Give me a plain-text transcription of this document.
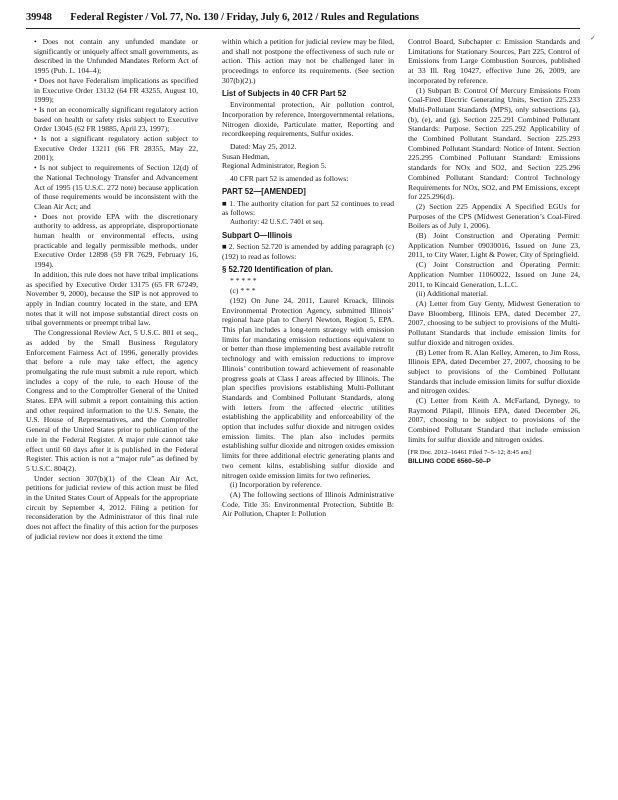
39948 Federal Register / Vol. 77, No. 130 / Friday, July 6, 2012 / Rules and Regulations
✓

• Does not contain any unfunded mandate or significantly or uniquely affect small governments, as described in the Unfunded Mandates Reform Act of 1995 (Pub. L. 104–4);

• Does not have Federalism implications as specified in Executive Order 13132 (64 FR 43255, August 10, 1999);

• Is not an economically significant regulatory action based on health or safety risks subject to Executive Order 13045 (62 FR 19885, April 23, 1997);

• Is not a significant regulatory action subject to Executive Order 13211 (66 FR 28355, May 22, 2001);

• Is not subject to requirements of Section 12(d) of the National Technology Transfer and Advancement Act of 1995 (15 U.S.C. 272 note) because application of those requirements would be inconsistent with the Clean Air Act; and

• Does not provide EPA with the discretionary authority to address, as appropriate, disproportionate human health or environmental effects, using practicable and legally permissible methods, under Executive Order 12898 (59 FR 7629, February 16, 1994).

In addition, this rule does not have tribal implications as specified by Executive Order 13175 (65 FR 67249, November 9, 2000), because the SIP is not approved to apply in Indian country located in the state, and EPA notes that it will not impose substantial direct costs on tribal governments or preempt tribal law.

The Congressional Review Act, 5 U.S.C. 801 et seq., as added by the Small Business Regulatory Enforcement Fairness Act of 1996, generally provides that before a rule may take effect, the agency promulgating the rule must submit a rule report, which includes a copy of the rule, to each House of the Congress and to the Comptroller General of the United States. EPA will submit a report containing this action and other required information to the U.S. Senate, the U.S. House of Representatives, and the Comptroller General of the United States prior to publication of the rule in the Federal Register. A major rule cannot take effect until 60 days after it is published in the Federal Register. This action is not a “major rule” as defined by 5 U.S.C. 804(2).

Under section 307(b)(1) of the Clean Air Act, petitions for judicial review of this action must be filed in the United States Court of Appeals for the appropriate circuit by September 4, 2012. Filing a petition for reconsideration by the Administrator of this final rule does not affect the finality of this action for the purposes of judicial review nor does it extend the time

within which a petition for judicial review may be filed, and shall not postpone the effectiveness of such rule or action. This action may not be challenged later in proceedings to enforce its requirements. (See section 307(b)(2).)

List of Subjects in 40 CFR Part 52

Environmental protection, Air pollution control, Incorporation by reference, Intergovernmental relations, Nitrogen dioxide, Particulate matter, Reporting and recordkeeping requirements, Sulfur oxides.

Dated: May 25, 2012.

Susan Hedman,

Regional Administrator, Region 5.

40 CFR part 52 is amended as follows:

PART 52—[AMENDED]

■ 1. The authority citation for part 52 continues to read as follows:

Authority: 42 U.S.C. 7401 et seq.

Subpart O—Illinois

■ 2. Section 52.720 is amended by adding paragraph (c)(192) to read as follows:

§ 52.720 Identification of plan.

* * * * *

(c) * * *

(192) On June 24, 2011, Laurel Kroack, Illinois Environmental Protection Agency, submitted Illinois’ regional haze plan to Cheryl Newton, Region 5, EPA. This plan includes a long-term strategy with emission limits for mandating emission reductions equivalent to or better than those implementing best available retrofit technology and with emission reductions to improve Illinois’ contribution toward achievement of reasonable progress goals at Class I areas affected by Illinois. The plan specifies provisions establishing Multi-Pollutant Standards and Combined Pollutant Standards, along with letters from the affected electric utilities establishing the applicability and enforceability of the option that includes sulfur dioxide and nitrogen oxides emission limits. The plan also includes permits establishing sulfur dioxide and nitrogen oxides emission limits for three additional electric generating plants and two cement kilns, establishing sulfur dioxide and nitrogen oxide emission limits for two refineries.

(i) Incorporation by reference.

(A) The following sections of Illinois Administrative Code, Title 35: Environmental Protection, Subtitle B: Air Pollution, Chapter I: Pollution

Control Board, Subchapter c: Emission Standards and Limitations for Stationary Sources, Part 225, Control of Emissions from Large Combustion Sources, published at 33 Ill. Reg 10427, effective June 26, 2009, are incorporated by reference.

(1) Subpart B: Control Of Mercury Emissions From Coal-Fired Electric Generating Units, Section 225.233 Multi-Pollutant Standards (MPS), only subsections (a), (b), (e), and (g). Section 225.291 Combined Pollutant Standards: Purpose. Section 225.292 Applicability of the Combined Pollutant Standard. Section 225.293 Combined Pollutant Standard: Notice of Intent. Section 225.295 Combined Pollutant Standard: Emissions standards for NOx and SO2, and Section 225.296 Combined Pollutant Standard: Control Technology Requirements for NOx, SO2, and PM Emissions, except for 225.296(d).

(2) Section 225 Appendix A Specified EGUs for Purposes of the CPS (Midwest Generation’s Coal-Fired Boilers as of July 1, 2006).

(B) Joint Construction and Operating Permit: Application Number 09030016, Issued on June 23, 2011, to City Water, Light & Power, City of Springfield.

(C) Joint Construction and Operating Permit: Application Number 11060022, Issued on June 24, 2011, to Kincaid Generation, L.L.C.

(ii) Additional material.

(A) Letter from Guy Genty, Midwest Generation to Dave Bloomberg, Illinois EPA, dated December 27, 2007, choosing to be subject to provisions of the Multi-Pollutant Standards that include emission limits for sulfur dioxide and nitrogen oxides.

(B) Letter from R. Alan Kelley, Ameren, to Jim Ross, Illinois EPA, dated December 27, 2007, choosing to be subject to provisions of the Combined Pollutant Standards that include emission limits for sulfur dioxide and nitrogen oxides.

(C) Letter from Keith A. McFarland, Dynegy, to Raymond Pilapil, Illinois EPA, dated December 26, 2007, choosing to be subject to provisions of the Combined Pollutant Standard that include emission limits for sulfur dioxide and nitrogen oxides.

[FR Doc. 2012–16461 Filed 7–5–12; 8:45 am]

BILLING CODE 6560–50–P
